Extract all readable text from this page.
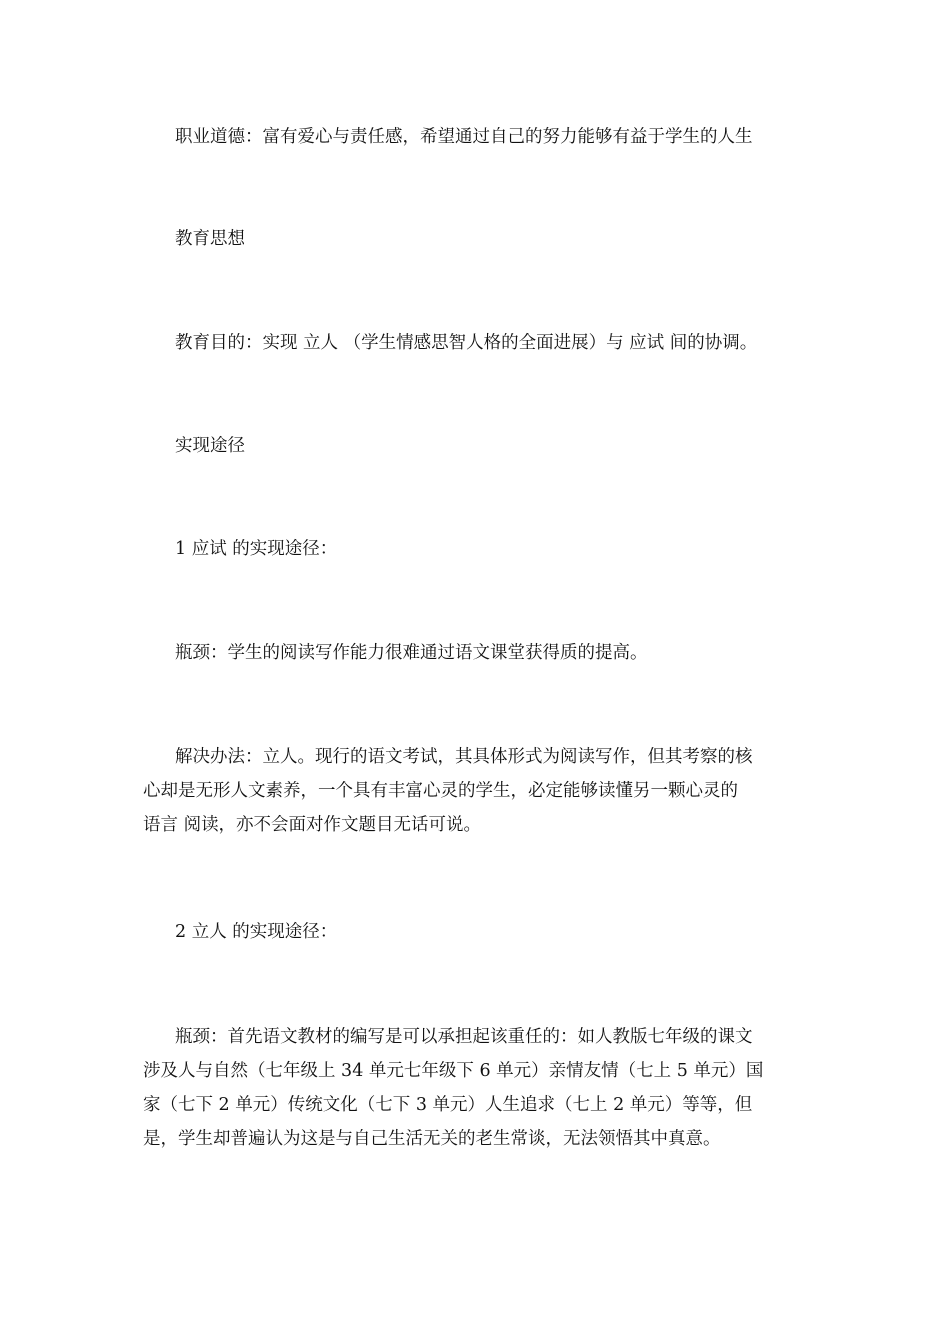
职业道德：富有爱心与责任感，希望通过自己的努力能够有益于学生的人生

教育思想

教育目的：实现 立人 （学生情感思智人格的全面进展）与 应试 间的协调。

实现途径

1 应试 的实现途径：

瓶颈：学生的阅读写作能力很难通过语文课堂获得质的提高。

解决办法：立人。现行的语文考试，其具体形式为阅读写作，但其考察的核
心却是无形人文素养，一个具有丰富心灵的学生，必定能够读懂另一颗心灵的
语言 阅读，亦不会面对作文题目无话可说。

2 立人 的实现途径：

瓶颈：首先语文教材的编写是可以承担起该重任的：如人教版七年级的课文
涉及人与自然（七年级上 34 单元七年级下 6 单元）亲情友情（七上 5 单元）国
家（七下 2 单元）传统文化（七下 3 单元）人生追求（七上 2 单元）等等，但
是，学生却普遍认为这是与自己生活无关的老生常谈，无法领悟其中真意。
